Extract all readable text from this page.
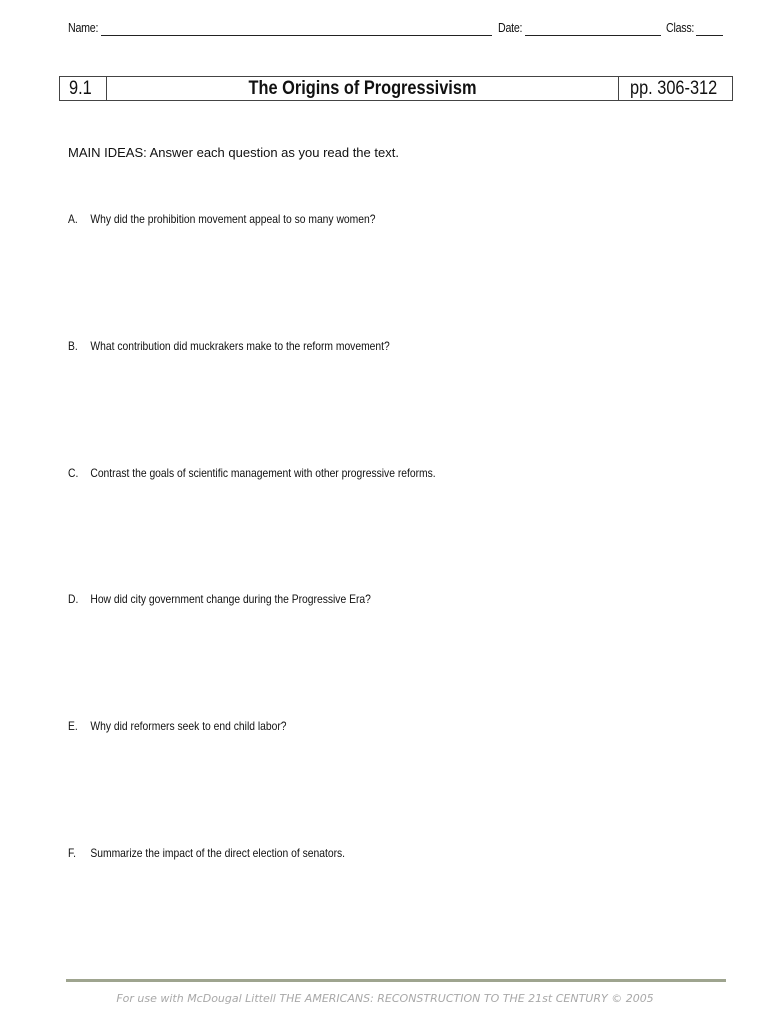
Name:	Date:	Class:
9.1	The Origins of Progressivism	pp. 306-312
MAIN IDEAS: Answer each question as you read the text.
A. Why did the prohibition movement appeal to so many women?
B. What contribution did muckrakers make to the reform movement?
C. Contrast the goals of scientific management with other progressive reforms.
D. How did city government change during the Progressive Era?
E. Why did reformers seek to end child labor?
F. Summarize the impact of the direct election of senators.
For use with McDougal Littell THE AMERICANS: RECONSTRUCTION TO THE 21st CENTURY © 2005
